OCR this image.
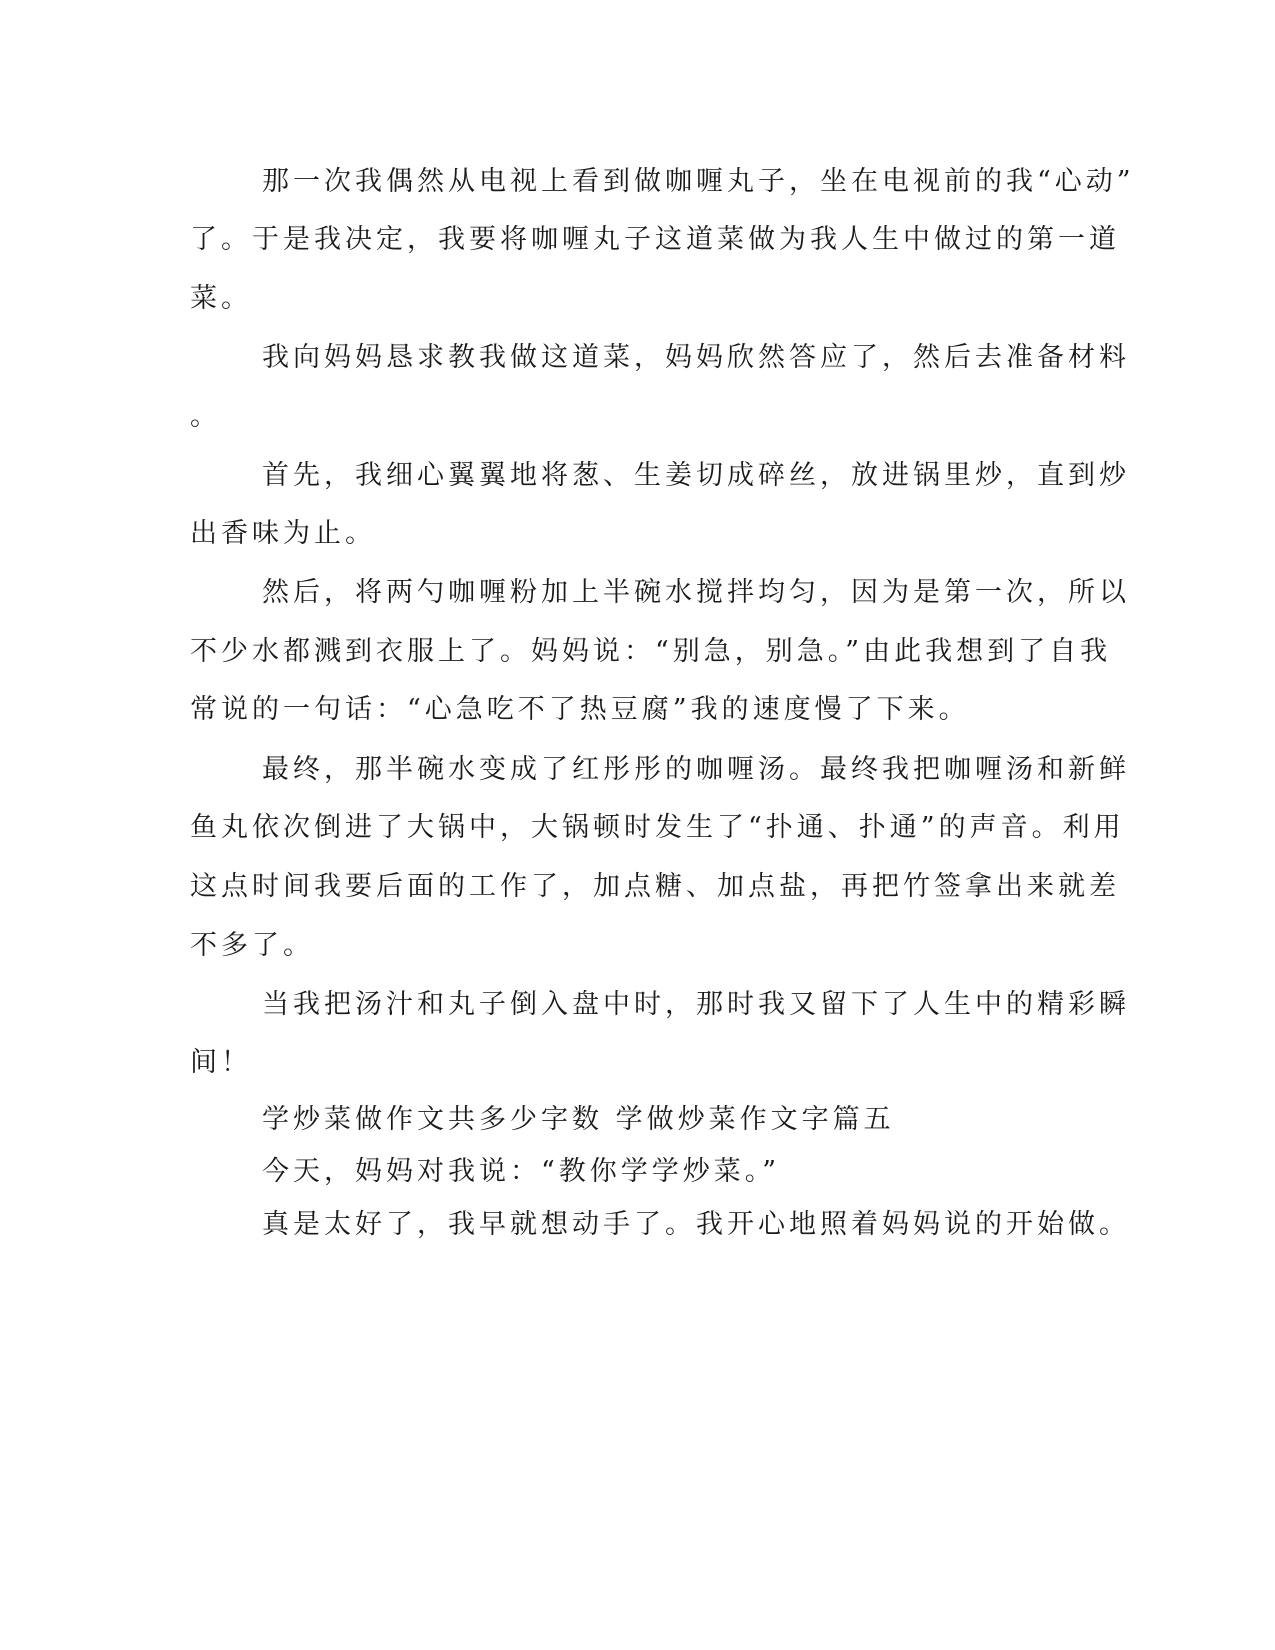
那一次我偶然从电视上看到做咖喱丸子，坐在电视前的我“心动”
了。于是我决定，我要将咖喱丸子这道菜做为我人生中做过的第一道
菜。
我向妈妈恳求教我做这道菜，妈妈欣然答应了，然后去准备材料
。
首先，我细心翼翼地将葱、生姜切成碎丝，放进锅里炒，直到炒
出香味为止。
然后，将两勺咖喱粉加上半碗水搅拌均匀，因为是第一次，所以
不少水都溅到衣服上了。妈妈说：“别急，别急。”由此我想到了自我
常说的一句话：“心急吃不了热豆腐”我的速度慢了下来。
最终，那半碗水变成了红彤彤的咖喱汤。最终我把咖喱汤和新鲜
鱼丸依次倒进了大锅中，大锅顿时发生了“扑通、扑通”的声音。利用
这点时间我要后面的工作了，加点糖、加点盐，再把竹签拿出来就差
不多了。
当我把汤汁和丸子倒入盘中时，那时我又留下了人生中的精彩瞬
间！
学炒菜做作文共多少字数 学做炒菜作文字篇五
今天，妈妈对我说：“教你学学炒菜。”
真是太好了，我早就想动手了。我开心地照着妈妈说的开始做。
